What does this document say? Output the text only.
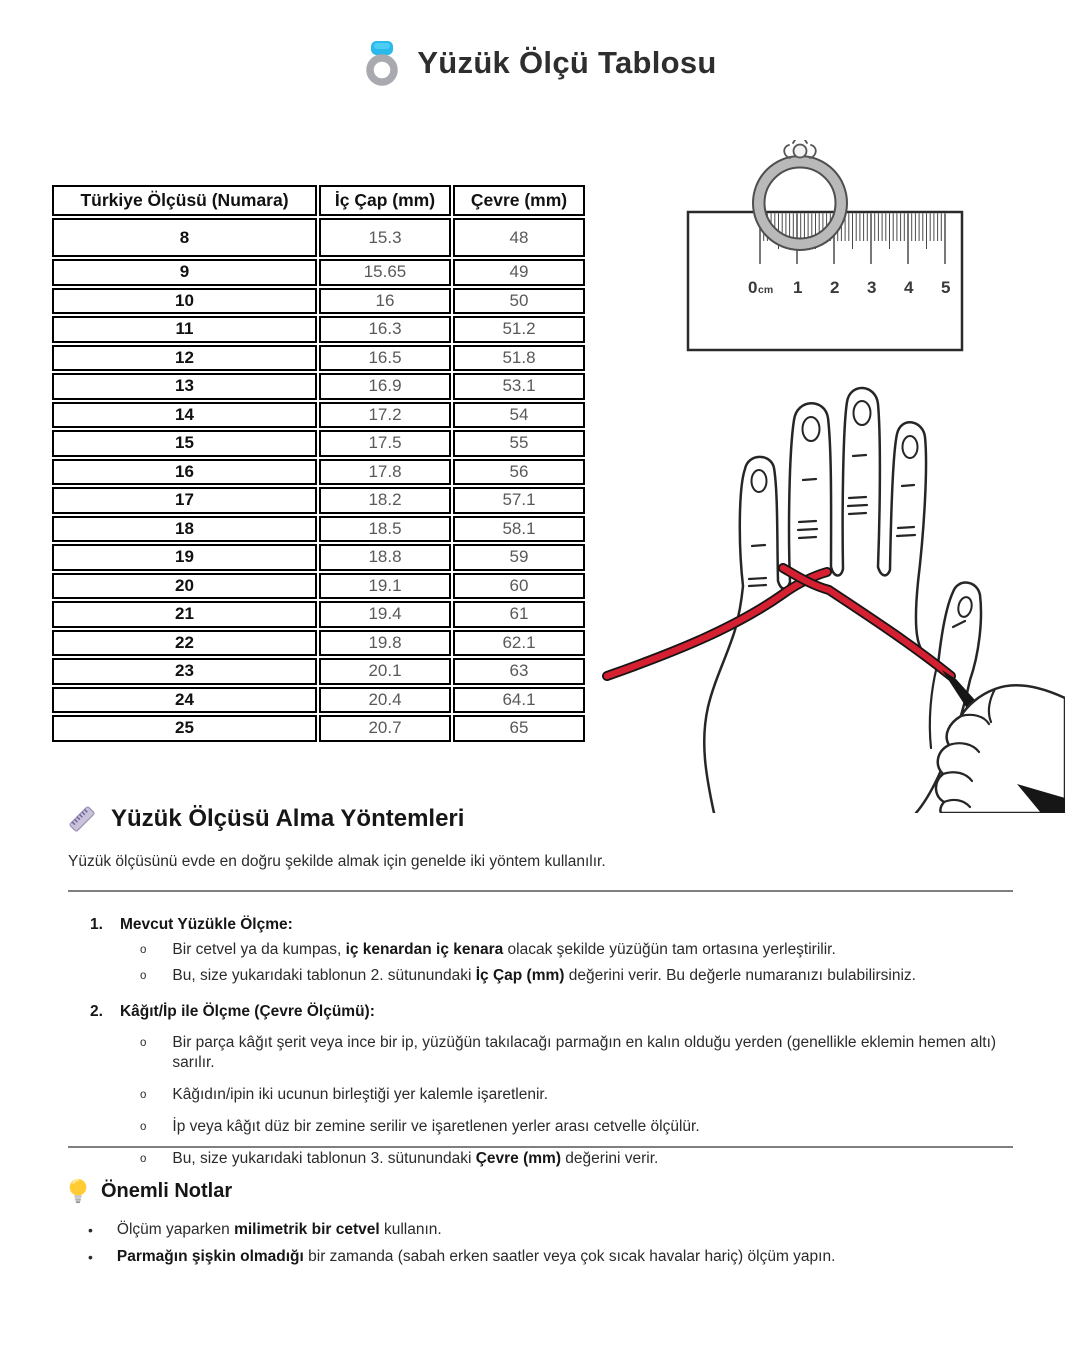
Yüzük Ölçü Tablosu
Türkiye Ölçüsü (Numara)	İç Çap (mm)	Çevre (mm)
8	15.3	48
9	15.65	49
10	16	50
11	16.3	51.2
12	16.5	51.8
13	16.9	53.1
14	17.2	54
15	17.5	55
16	17.8	56
17	18.2	57.1
18	18.5	58.1
19	18.8	59
20	19.1	60
21	19.4	61
22	19.8	62.1
23	20.1	63
24	20.4	64.1
25	20.7	65
0 cm 1 2 3 4 5
Yüzük Ölçüsü Alma Yöntemleri
Yüzük ölçüsünü evde en doğru şekilde almak için genelde iki yöntem kullanılır.
1. Mevcut Yüzükle Ölçme:
o Bir cetvel ya da kumpas, iç kenardan iç kenara olacak şekilde yüzüğün tam ortasına yerleştirilir.
o Bu, size yukarıdaki tablonun 2. sütunundaki İç Çap (mm) değerini verir. Bu değerle numaranızı bulabilirsiniz.
2. Kâğıt/İp ile Ölçme (Çevre Ölçümü):
o Bir parça kâğıt şerit veya ince bir ip, yüzüğün takılacağı parmağın en kalın olduğu yerden (genellikle eklemin hemen altı) sarılır.
o Kâğıdın/ipin iki ucunun birleştiği yer kalemle işaretlenir.
o İp veya kâğıt düz bir zemine serilir ve işaretlenen yerler arası cetvelle ölçülür.
o Bu, size yukarıdaki tablonun 3. sütunundaki Çevre (mm) değerini verir.
Önemli Notlar
• Ölçüm yaparken milimetrik bir cetvel kullanın.
• Parmağın şişkin olmadığı bir zamanda (sabah erken saatler veya çok sıcak havalar hariç) ölçüm yapın.
